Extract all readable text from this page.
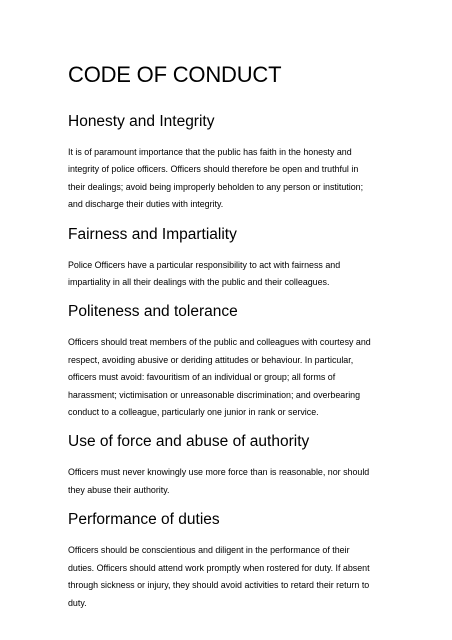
CODE OF CONDUCT
Honesty and Integrity
It is of paramount importance that the public has faith in the honesty and
integrity of police officers. Officers should therefore be open and truthful in
their dealings; avoid being improperly beholden to any person or institution;
and discharge their duties with integrity.
Fairness and Impartiality
Police Officers have a particular responsibility to act with fairness and
impartiality in all their dealings with the public and their colleagues.
Politeness and tolerance
Officers should treat members of the public and colleagues with courtesy and
respect, avoiding abusive or deriding attitudes or behaviour. In particular,
officers must avoid: favouritism of an individual or group; all forms of
harassment; victimisation or unreasonable discrimination; and overbearing
conduct to a colleague, particularly one junior in rank or service.
Use of force and abuse of authority
Officers must never knowingly use more force than is reasonable, nor should
they abuse their authority.
Performance of duties
Officers should be conscientious and diligent in the performance of their
duties. Officers should attend work promptly when rostered for duty. If absent
through sickness or injury, they should avoid activities to retard their return to
duty.
